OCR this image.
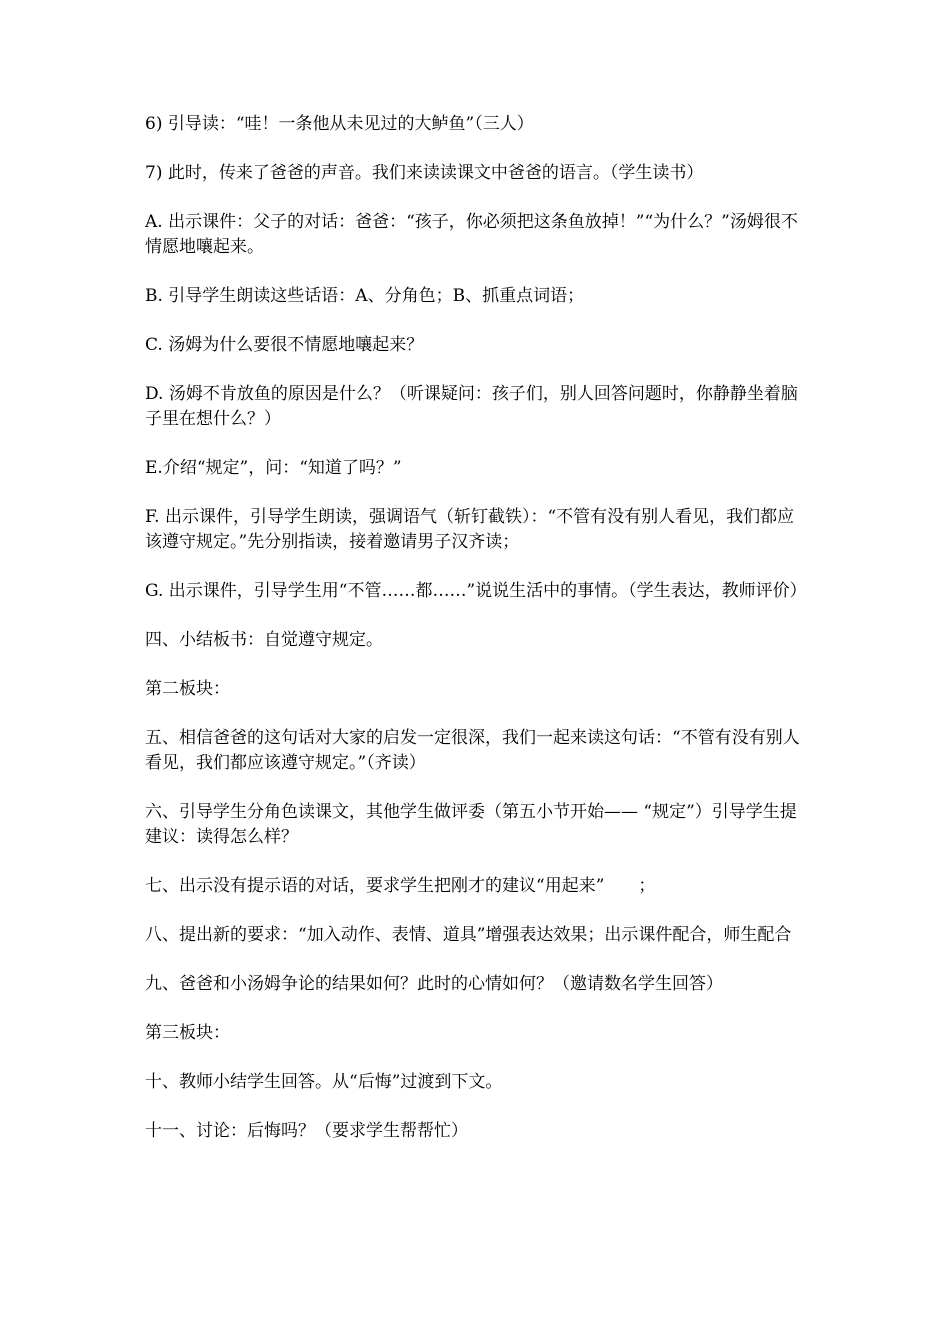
6) 引导读：“哇！一条他从未见过的大鲈鱼”（三人）

7) 此时，传来了爸爸的声音。我们来读读课文中爸爸的语言。（学生读书）

A. 出示课件：父子的对话：爸爸：“孩子，你必须把这条鱼放掉！”“为什么？”汤姆很不情愿地嚷起来。

B. 引导学生朗读这些话语：A、分角色；B、抓重点词语；

C. 汤姆为什么要很不情愿地嚷起来？

D. 汤姆不肯放鱼的原因是什么？（听课疑问：孩子们，别人回答问题时，你静静坐着脑子里在想什么？）

E.介绍“规定”，问：“知道了吗？”

F. 出示课件，引导学生朗读，强调语气（斩钉截铁）：“不管有没有别人看见，我们都应该遵守规定。”先分别指读，接着邀请男子汉齐读；

G. 出示课件，引导学生用“不管……都……”说说生活中的事情。（学生表达，教师评价）

四、小结板书：自觉遵守规定。

第二板块：

五、相信爸爸的这句话对大家的启发一定很深，我们一起来读这句话：“不管有没有别人看见，我们都应该遵守规定。”（齐读）

六、引导学生分角色读课文，其他学生做评委（第五小节开始—— “规定”）引导学生提建议：读得怎么样？

七、出示没有提示语的对话，要求学生把刚才的建议“用起来”　　；

八、提出新的要求：“加入动作、表情、道具”增强表达效果；出示课件配合，师生配合

九、爸爸和小汤姆争论的结果如何？此时的心情如何？（邀请数名学生回答）

第三板块：

十、教师小结学生回答。从“后悔”过渡到下文。

十一、讨论：后悔吗？（要求学生帮帮忙）
